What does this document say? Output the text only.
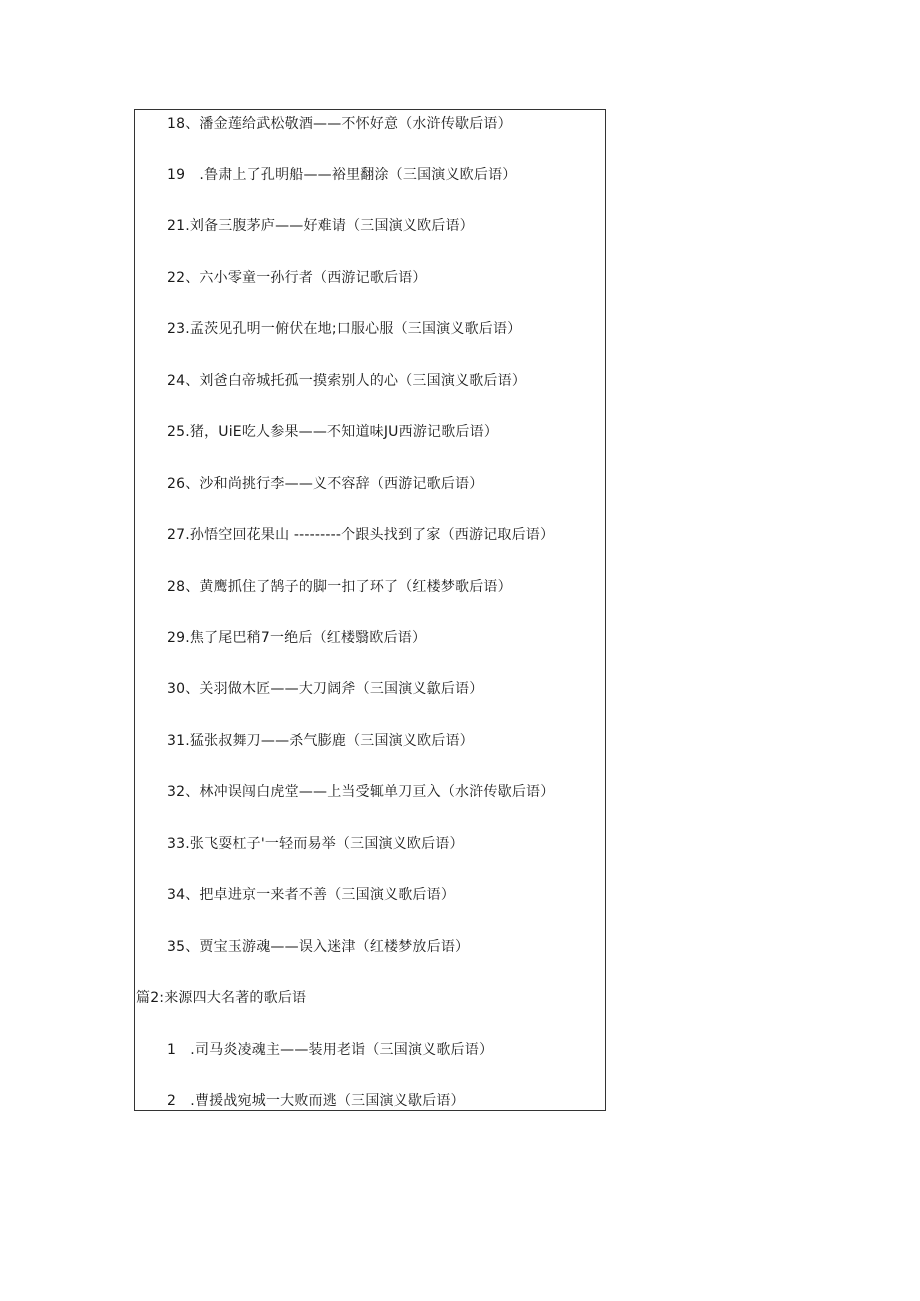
18、潘金莲给武松敬酒——不怀好意（水浒传歇后语）
19　.鲁肃上了孔明船——裕里翻涂（三国演义欧后语）
21.刘备三腹茅庐——好难请（三国演义欧后语）
22、六小零童一孙行者（西游记歌后语）
23.孟茨见孔明一俯伏在地;口服心服（三国演义歌后语）
24、刘爸白帝城托孤一摸索别人的心（三国演义歌后语）
25.猪，UiE吃人参果——不知道味JU西游记歌后语）
26、沙和尚挑行李——义不容辞（西游记歌后语）
27.孙悟空回花果山 ---------个跟头找到了家（西游记取后语）
28、黄鹰抓住了鹄子的脚一扣了环了（红楼梦歌后语）
29.焦了尾巴稍7一绝后（红楼翳欧后语）
30、关羽做木匠——大刀阔斧（三国演义歙后语）
31.猛张叔舞刀——杀气膨鹿（三国演义欧后语）
32、林冲误闯白虎堂——上当受辄单刀亘入（水浒传歇后语）
33.张飞耍杠子'一轻而易举（三国演义欧后语）
34、把卓进京一来者不善（三国演义歌后语）
35、贾宝玉游魂——误入迷津（红楼梦放后语）
篇2:来源四大名著的歌后语
1　.司马炎凌魂主——装用老诣（三国演义歌后语）
2　.曹援战宛城一大败而逃（三国演义歇后语）
